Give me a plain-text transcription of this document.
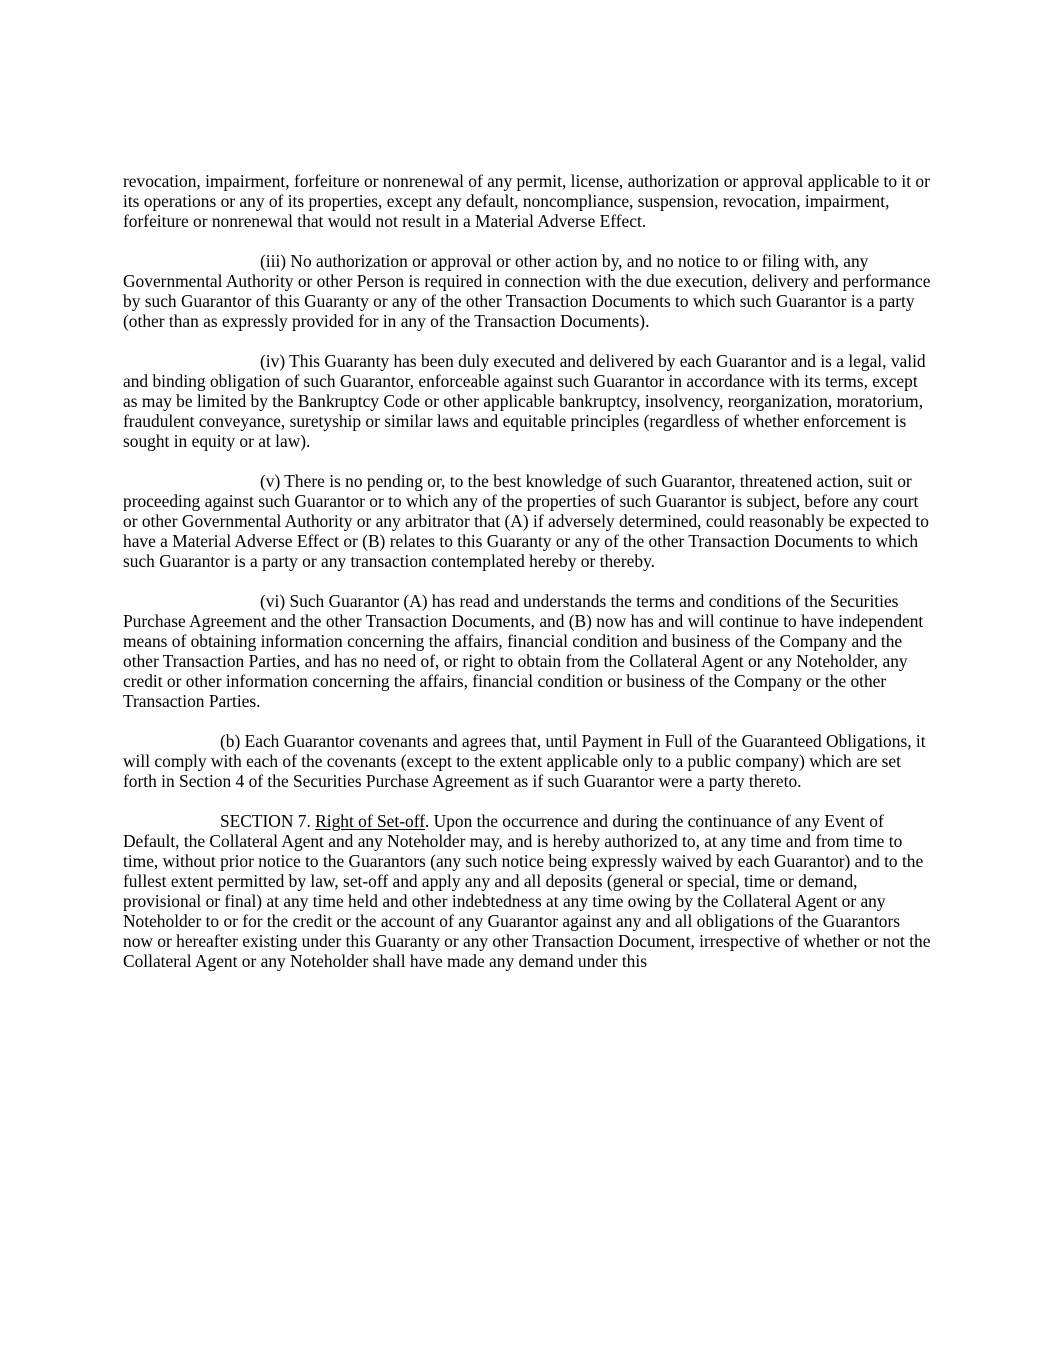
revocation, impairment, forfeiture or nonrenewal of any permit, license, authorization or approval applicable to it or its operations or any of its properties, except any default, noncompliance, suspension, revocation, impairment, forfeiture or nonrenewal that would not result in a Material Adverse Effect.

(iii) No authorization or approval or other action by, and no notice to or filing with, any Governmental Authority or other Person is required in connection with the due execution, delivery and performance by such Guarantor of this Guaranty or any of the other Transaction Documents to which such Guarantor is a party (other than as expressly provided for in any of the Transaction Documents).

(iv) This Guaranty has been duly executed and delivered by each Guarantor and is a legal, valid and binding obligation of such Guarantor, enforceable against such Guarantor in accordance with its terms, except as may be limited by the Bankruptcy Code or other applicable bankruptcy, insolvency, reorganization, moratorium, fraudulent conveyance, suretyship or similar laws and equitable principles (regardless of whether enforcement is sought in equity or at law).

(v) There is no pending or, to the best knowledge of such Guarantor, threatened action, suit or proceeding against such Guarantor or to which any of the properties of such Guarantor is subject, before any court or other Governmental Authority or any arbitrator that (A) if adversely determined, could reasonably be expected to have a Material Adverse Effect or (B) relates to this Guaranty or any of the other Transaction Documents to which such Guarantor is a party or any transaction contemplated hereby or thereby.

(vi) Such Guarantor (A) has read and understands the terms and conditions of the Securities Purchase Agreement and the other Transaction Documents, and (B) now has and will continue to have independent means of obtaining information concerning the affairs, financial condition and business of the Company and the other Transaction Parties, and has no need of, or right to obtain from the Collateral Agent or any Noteholder, any credit or other information concerning the affairs, financial condition or business of the Company or the other Transaction Parties.

(b) Each Guarantor covenants and agrees that, until Payment in Full of the Guaranteed Obligations, it will comply with each of the covenants (except to the extent applicable only to a public company) which are set forth in Section 4 of the Securities Purchase Agreement as if such Guarantor were a party thereto.

SECTION 7. Right of Set-off. Upon the occurrence and during the continuance of any Event of Default, the Collateral Agent and any Noteholder may, and is hereby authorized to, at any time and from time to time, without prior notice to the Guarantors (any such notice being expressly waived by each Guarantor) and to the fullest extent permitted by law, set-off and apply any and all deposits (general or special, time or demand, provisional or final) at any time held and other indebtedness at any time owing by the Collateral Agent or any Noteholder to or for the credit or the account of any Guarantor against any and all obligations of the Guarantors now or hereafter existing under this Guaranty or any other Transaction Document, irrespective of whether or not the Collateral Agent or any Noteholder shall have made any demand under this
